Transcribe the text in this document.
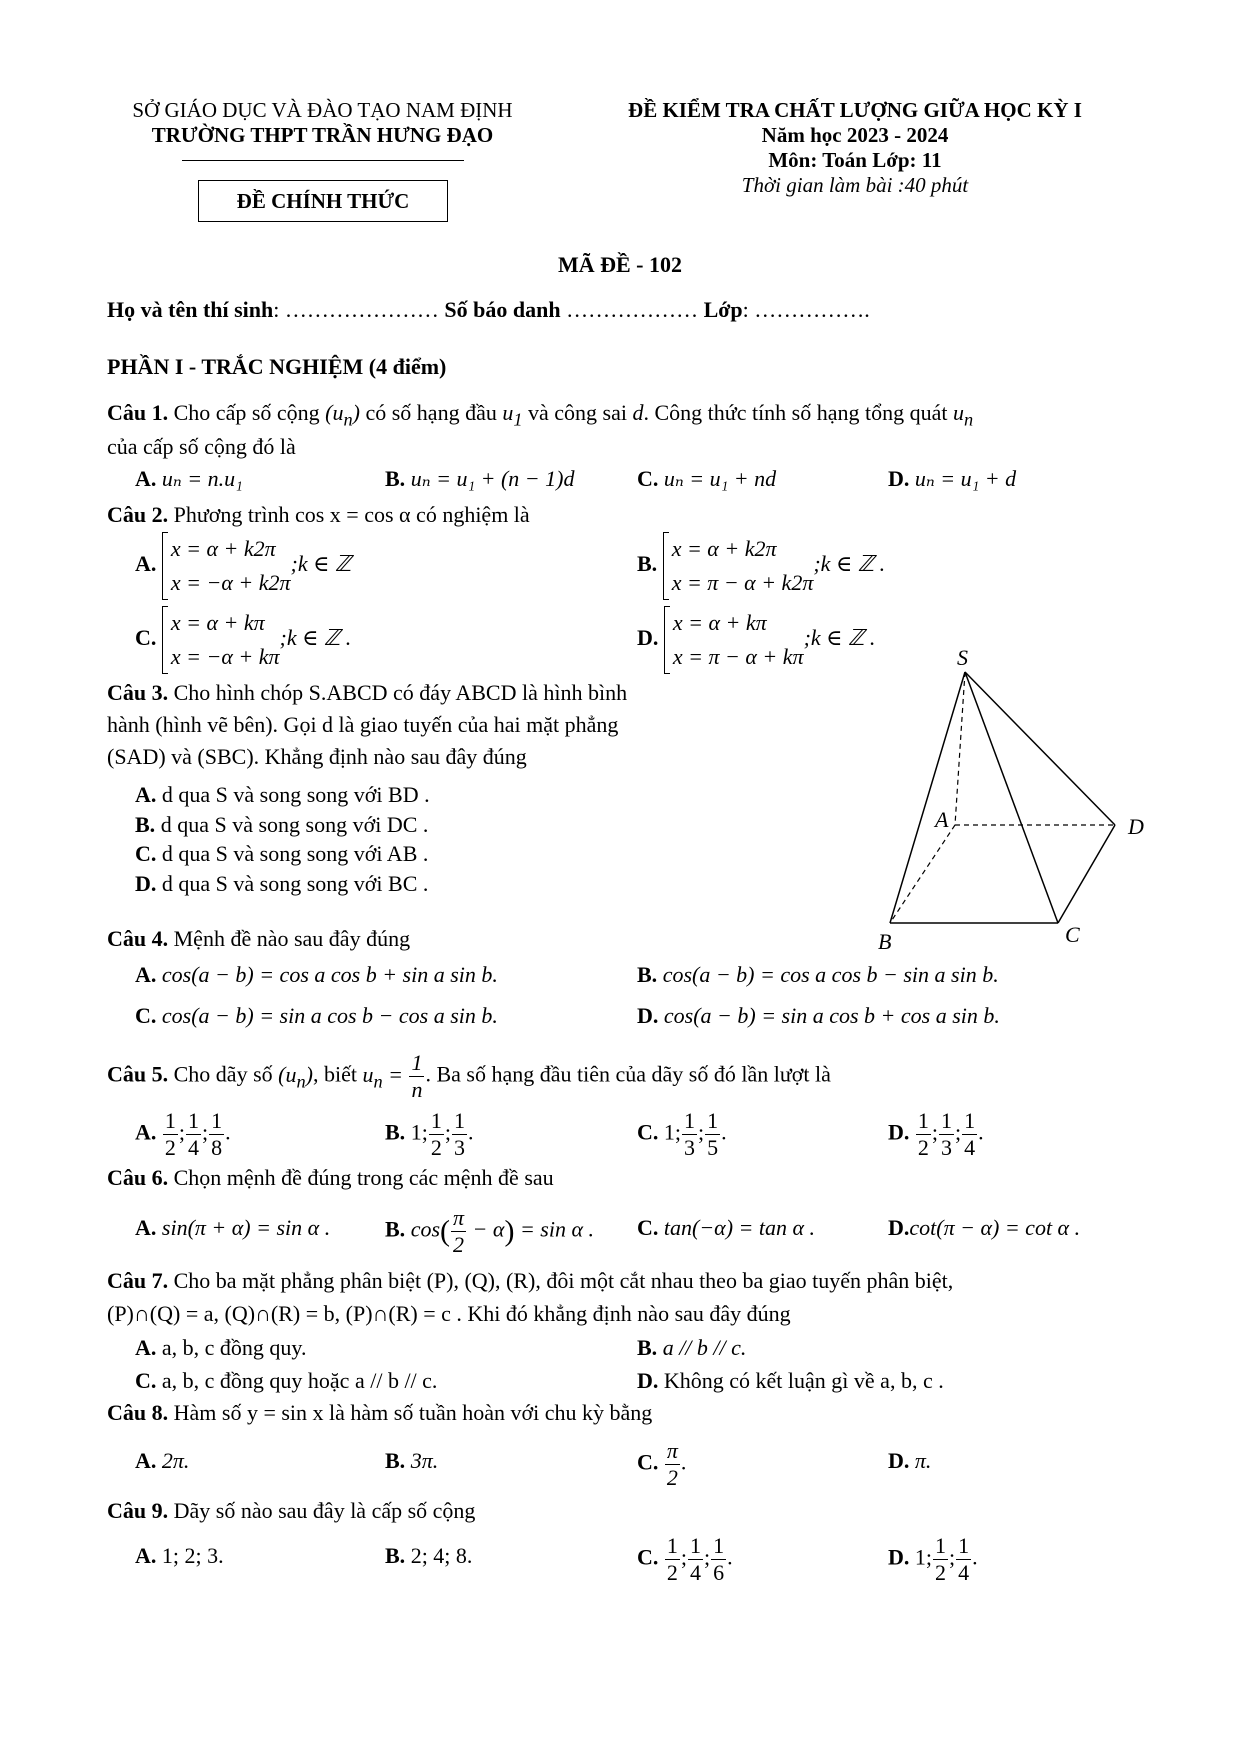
SỞ GIÁO DỤC VÀ ĐÀO TẠO NAM ĐỊNH
TRƯỜNG THPT TRẦN HƯNG ĐẠO
ĐỀ CHÍNH THỨC
ĐỀ KIỂM TRA CHẤT LƯỢNG GIỮA HỌC KỲ I
Năm học 2023 - 2024
Môn: Toán Lớp: 11
Thời gian làm bài :40 phút
MÃ ĐỀ - 102
Họ và tên thí sinh: ………………… Số báo danh ……………… Lớp: …………….
PHẦN I - TRẮC NGHIỆM (4 điểm)
Câu 1. Cho cấp số cộng $(u_n)$ có số hạng đầu $u_1$ và công sai d. Công thức tính số hạng tổng quát $u_n$
của cấp số cộng đó là
A. uₙ = n.u₁	B. uₙ = u₁ + (n − 1)d	C. uₙ = u₁ + nd	D. uₙ = u₁ + d
Câu 2. Phương trình cos x = cos α có nghiệm là
A. x = α + k2π
x = −α + k2π;k ∈ ℤ	B. x = α + k2π
x = π − α + k2π;k ∈ ℤ .
C. x = α + kπ
x = −α + kπ;k ∈ ℤ .	D. x = α + kπ
x = π − α + kπ;k ∈ ℤ .
Câu 3. Cho hình chóp S.ABCD có đáy ABCD là hình bình
hành (hình vẽ bên). Gọi d là giao tuyến của hai mặt phẳng
(SAD) và (SBC). Khẳng định nào sau đây đúng
A. d qua S và song song với BD .
B. d qua S và song song với DC .
C. d qua S và song song với AB .
D. d qua S và song song với BC .
S
A
B	C
D
Câu 4. Mệnh đề nào sau đây đúng
A. cos(a − b) = cos a cos b + sin a sin b.	B. cos(a − b) = cos a cos b − sin a sin b.
C. cos(a − b) = sin a cos b − cos a sin b.	D. cos(a − b) = sin a cos b + cos a sin b.
Câu 5. Cho dãy số $(u_n)$, biết $u_n = \frac{1}{n}$ . Ba số hạng đầu tiên của dãy số đó lần lượt là
A. $\frac{1}{2}$ ; $\frac{1}{4}$ ; $\frac{1}{8}$ .	B. 1; $\frac{1}{2}$ ; $\frac{1}{3}$ .	C. 1; $\frac{1}{3}$ ; $\frac{1}{5}$ .	D. $\frac{1}{2}$ ; $\frac{1}{3}$ ; $\frac{1}{4}$ .
Câu 6. Chọn mệnh đề đúng trong các mệnh đề sau
A. sin(π + α) = sin α . B. $\cos( \frac{\pi}{2} - \alpha) = \sin \alpha$ . C. tan(−α) = tan α .	D.cot(π − α) = cot α .
Câu 7. Cho ba mặt phẳng phân biệt (P), (Q), (R), đôi một cắt nhau theo ba giao tuyến phân biệt,
(P)∩(Q) = a, (Q)∩(R) = b, (P)∩(R) = c . Khi đó khẳng định nào sau đây đúng
A. a, b, c đồng quy.	B. a // b // c.
C. a, b, c đồng quy hoặc a // b // c.	D. Không có kết luận gì về a, b, c .
Câu 8. Hàm số y = sin x là hàm số tuần hoàn với chu kỳ bằng
A. 2π.	B. 3π.	C. $\frac{\pi}{2}$ .	D. π.
Câu 9. Dãy số nào sau đây là cấp số cộng
A. 1; 2; 3.	B. 2; 4; 8.	C. $\frac{1}{2}$ ; $\frac{1}{4}$ ; $\frac{1}{6}$ .	D. 1; $\frac{1}{2}$ ; $\frac{1}{4}$ .
